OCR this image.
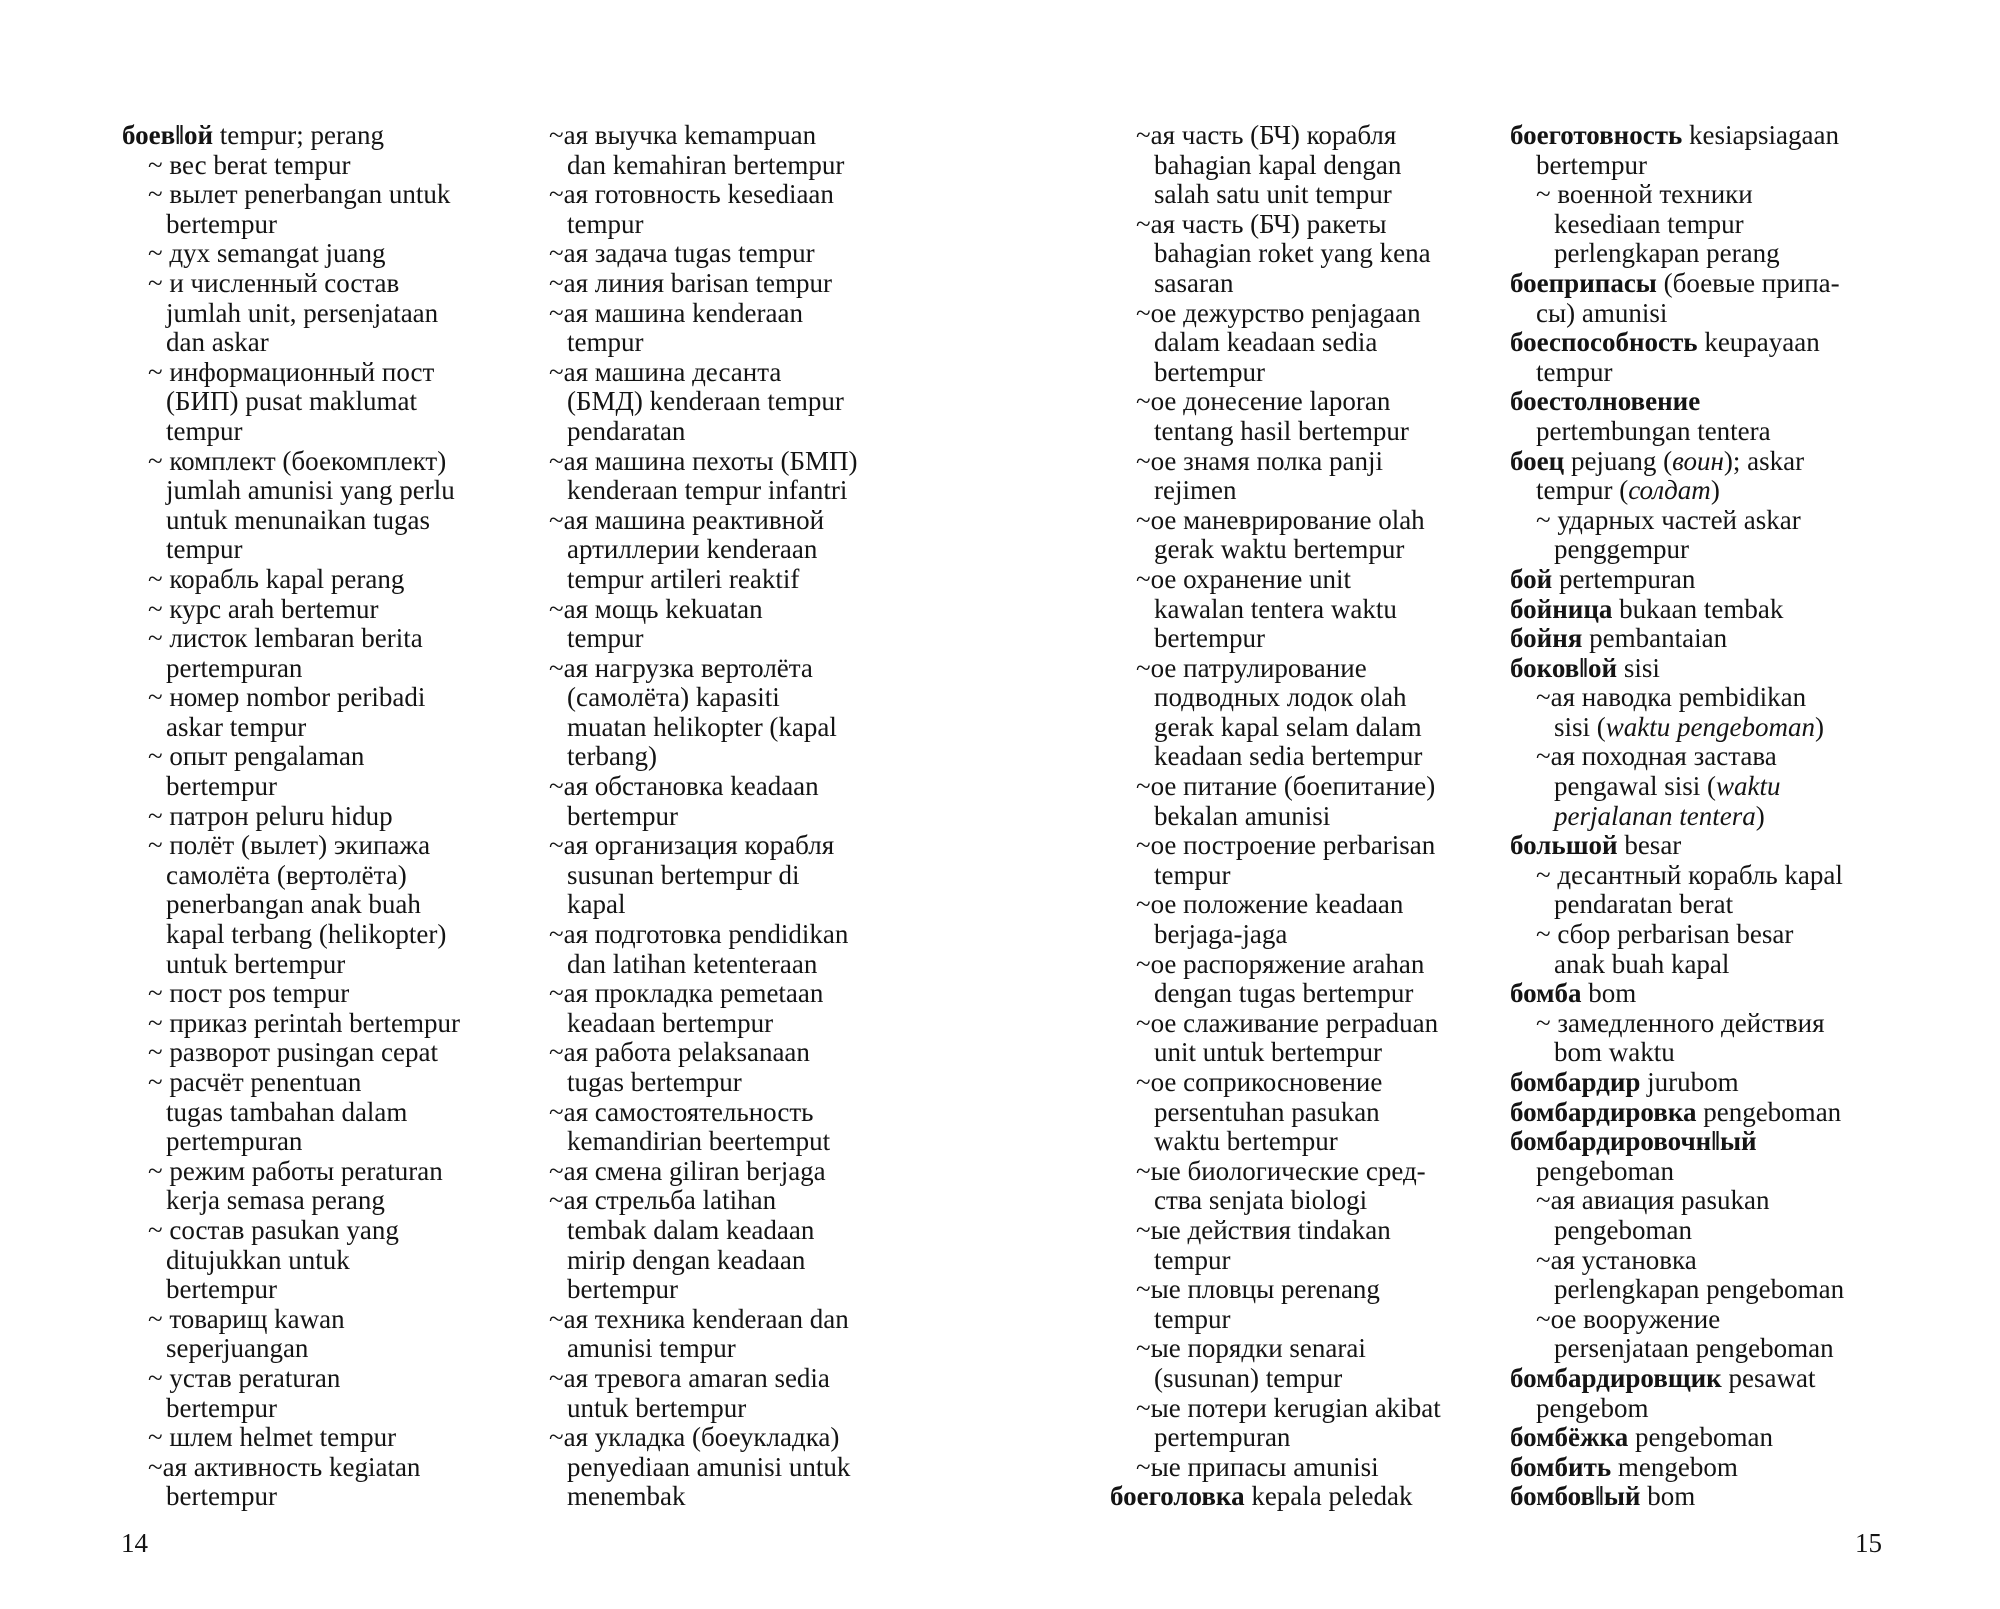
боев‖ой tempur; perang
~ вес berat tempur
~ вылет penerbangan untuk
bertempur
~ дух semangat juang
~ и численный состав
jumlah unit, persenjataan
dan askar
~ информационный пост
(БИП) pusat maklumat
tempur
~ комплект (боекомплект)
jumlah amunisi yang perlu
untuk menunaikan tugas
tempur
~ корабль kapal perang
~ курс arah bertemur
~ листок lembaran berita
pertempuran
~ номер nombor peribadi
askar tempur
~ опыт pengalaman
bertempur
~ патрон peluru hidup
~ полёт (вылет) экипажа
самолёта (вертолёта)
penerbangan anak buah
kapal terbang (helikopter)
untuk bertempur
~ пост pos tempur
~ приказ perintah bertempur
~ разворот pusingan cepat
~ расчёт penentuan
tugas tambahan dalam
pertempuran
~ режим работы peraturan
kerja semasa perang
~ состав pasukan yang
ditujukkan untuk
bertempur
~ товарищ kawan
seperjuangan
~ устав peraturan
bertempur
~ шлем helmet tempur
~ая активность kegiatan
bertempur
~ая выучка kemampuan
dan kemahiran bertempur
~ая готовность kesediaan
tempur
~ая задача tugas tempur
~ая линия barisan tempur
~ая машина kenderaan
tempur
~ая машина десанта
(БМД) kenderaan tempur
pendaratan
~ая машина пехоты (БМП)
kenderaan tempur infantri
~ая машина реактивной
артиллерии kenderaan
tempur artileri reaktif
~ая мощь kekuatan
tempur
~ая нагрузка вертолёта
(самолёта) kapasiti
muatan helikopter (kapal
terbang)
~ая обстановка keadaan
bertempur
~ая организация корабля
susunan bertempur di
kapal
~ая подготовка pendidikan
dan latihan ketenteraan
~ая прокладка pemetaan
keadaan bertempur
~ая работа pelaksanaan
tugas bertempur
~ая самостоятельность
kemandirian beertemput
~ая смена giliran berjaga
~ая стрельба latihan
tembak dalam keadaan
mirip dengan keadaan
bertempur
~ая техника kenderaan dan
amunisi tempur
~ая тревога amaran sedia
untuk bertempur
~ая укладка (боеукладка)
penyediaan amunisi untuk
menembak
~ая часть (БЧ) корабля
bahagian kapal dengan
salah satu unit tempur
~ая часть (БЧ) ракеты
bahagian roket yang kena
sasaran
~ое дежурство penjagaan
dalam keadaan sedia
bertempur
~ое донесение laporan
tentang hasil bertempur
~ое знамя полка panji
rejimen
~ое маневрирование olah
gerak waktu bertempur
~ое охранение unit
kawalan tentera waktu
bertempur
~ое патрулирование
подводных лодок olah
gerak kapal selam dalam
keadaan sedia bertempur
~ое питание (боепитание)
bekalan amunisi
~ое построение perbarisan
tempur
~ое положение keadaan
berjaga-jaga
~ое распоряжение arahan
dengan tugas bertempur
~ое слаживание perpaduan
unit untuk bertempur
~ое соприкосновение
persentuhan pasukan
waktu bertempur
~ые биологические сред-
ства senjata biologi
~ые действия tindakan
tempur
~ые пловцы perenang
tempur
~ые порядки senarai
(susunan) tempur
~ые потери kerugian akibat
pertempuran
~ые припасы amunisi
боеголовка kepala peledak
боеготовность kesiapsiagaan
bertempur
~ военной техники
kesediaan tempur
perlengkapan perang
боеприпасы (боевые припа-
сы) amunisi
боеспособность keupayaan
tempur
боестолновение
pertembungan tentera
боец pejuang (воин); askar
tempur (солдат)
~ ударных частей askar
penggempur
бой pertempuran
бойница bukaan tembak
бойня pembantaian
боков‖ой sisi
~ая наводка pembidikan
sisi (waktu pengeboman)
~ая походная застава
pengawal sisi (waktu
perjalanan tentera)
большой besar
~ десантный корабль kapal
pendaratan berat
~ сбор perbarisan besar
anak buah kapal
бомба bom
~ замедленного действия
bom waktu
бомбардир jurubom
бомбардировка pengeboman
бомбардировочн‖ый
pengeboman
~ая авиация pasukan
pengeboman
~ая установка
perlengkapan pengeboman
~ое вооружение
persenjataan pengeboman
бомбардировщик pesawat
pengebom
бомбёжка pengeboman
бомбить mengebom
бомбов‖ый bom
14	15
